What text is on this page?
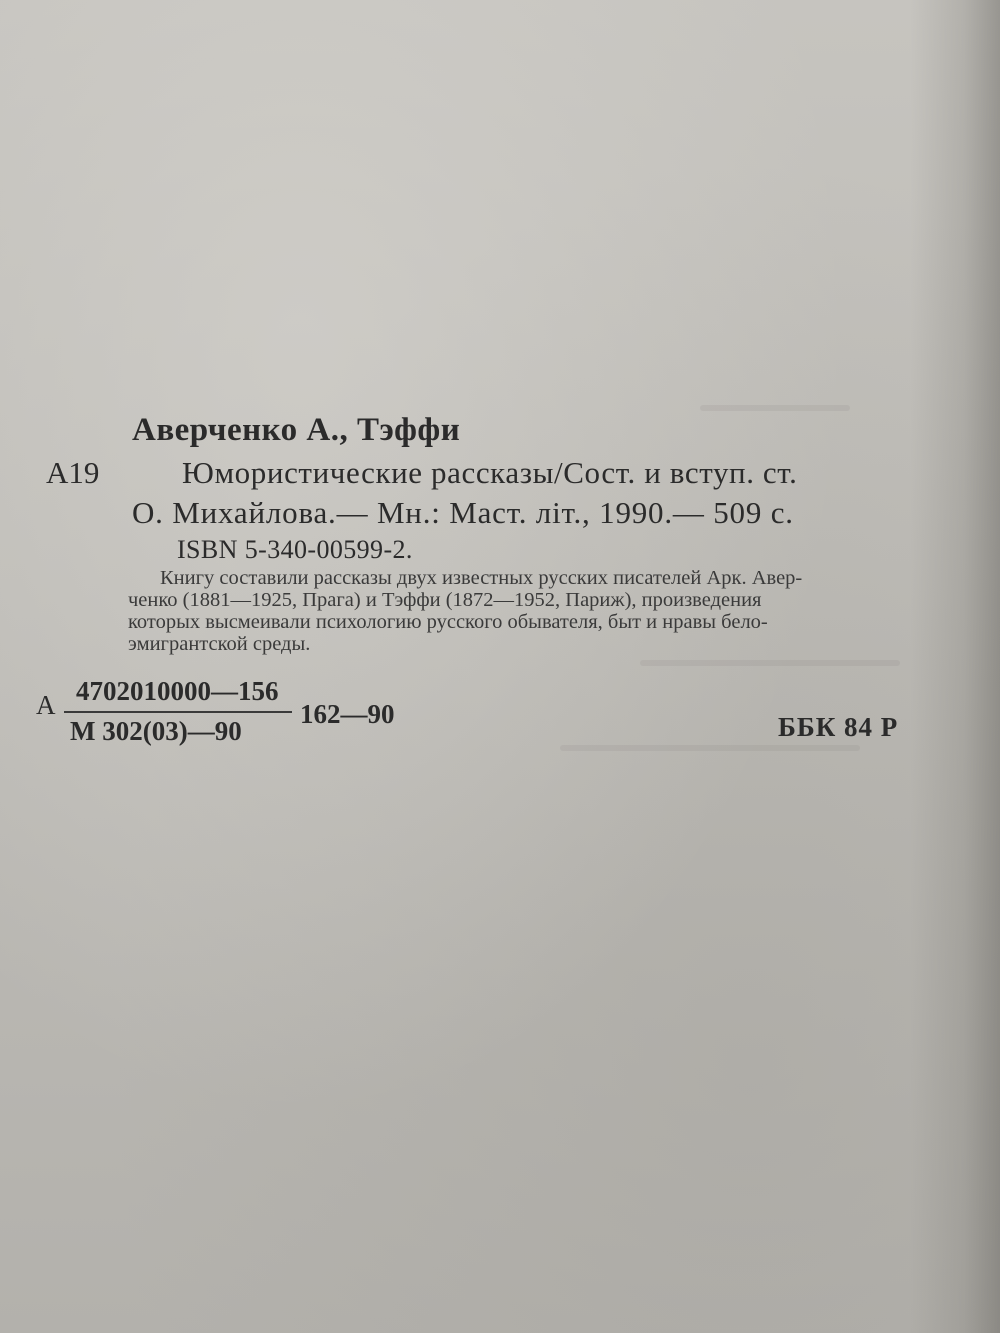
Аверченко А., Тэффи

А19	Юмористические рассказы/Сост. и вступ. ст.

О. Михайлова.— Мн.: Маст. літ., 1990.— 509 с.

ISBN 5-340-00599-2.

Книгу составили рассказы двух известных русских писателей Арк. Авер-
ченко (1881—1925, Прага) и Тэффи (1872—1952, Париж), произведения
которых высмеивали психологию русского обывателя, быт и нравы бело-
эмигрантской среды.

А 4702010000—156

М 302(03)—90

162—90	ББК 84 Р
